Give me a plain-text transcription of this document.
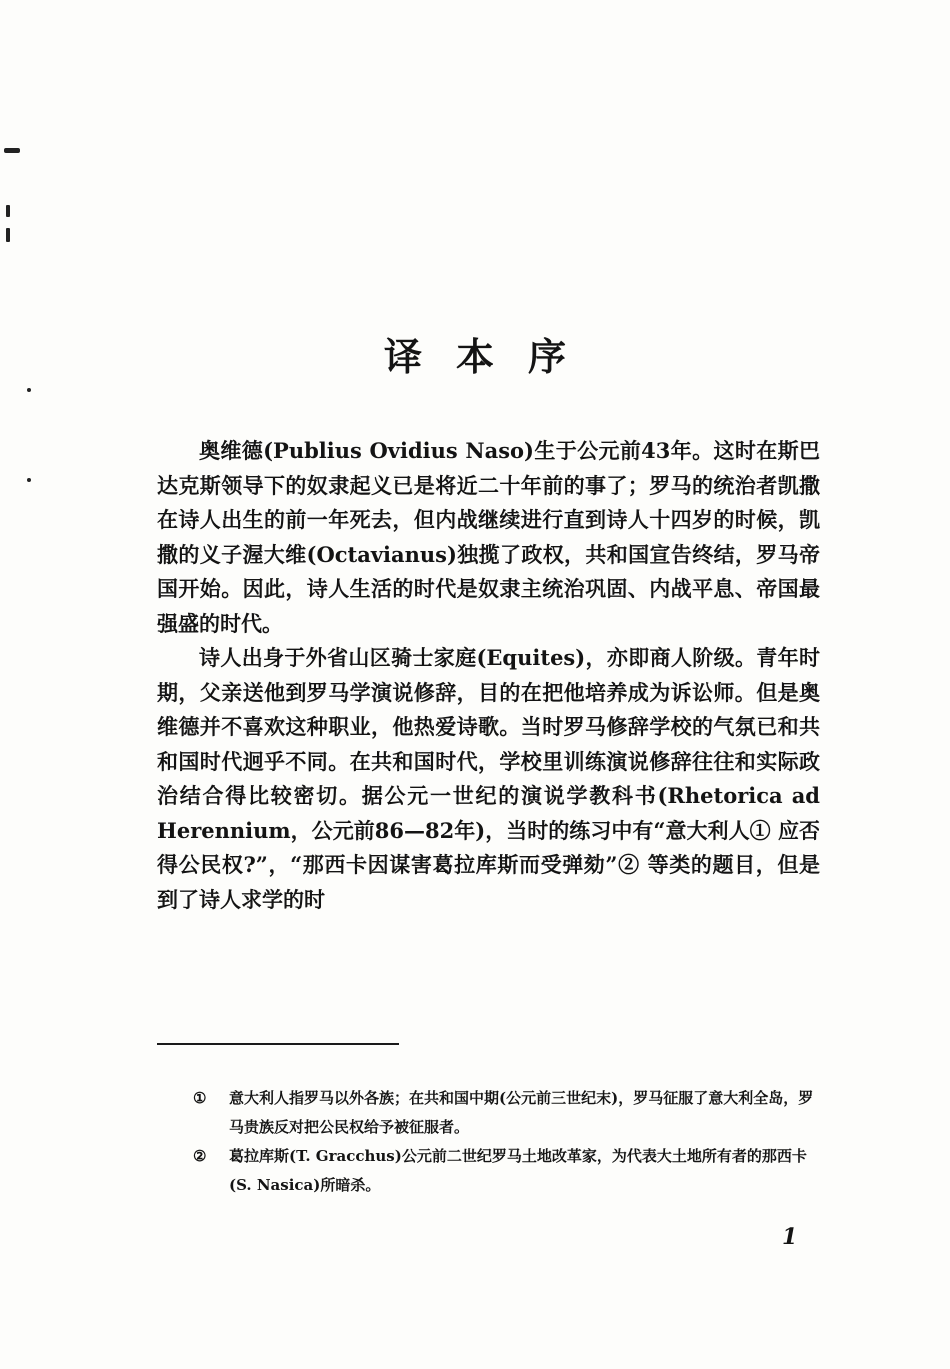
译本序

奥维德(Publius Ovidius Naso)生于公元前43年。这时在斯巴达克斯领导下的奴隶起义已是将近二十年前的事了；罗马的统治者凯撒在诗人出生的前一年死去，但内战继续进行直到诗人十四岁的时候，凯撒的义子渥大维(Octavianus)独揽了政权，共和国宣告终结，罗马帝国开始。因此，诗人生活的时代是奴隶主统治巩固、内战平息、帝国最强盛的时代。

诗人出身于外省山区骑士家庭(Equites)，亦即商人阶级。青年时期，父亲送他到罗马学演说修辞，目的在把他培养成为诉讼师。但是奥维德并不喜欢这种职业，他热爱诗歌。当时罗马修辞学校的气氛已和共和国时代迥乎不同。在共和国时代，学校里训练演说修辞往往和实际政治结合得比较密切。据公元一世纪的演说学教科书(Rhetorica ad Herennium，公元前86—82年)，当时的练习中有“意大利人① 应否得公民权?”，“那西卡因谋害葛拉库斯而受弹劾”② 等类的题目，但是到了诗人求学的时

①	意大利人指罗马以外各族；在共和国中期(公元前三世纪末)，罗马征服了意大利全岛，罗马贵族反对把公民权给予被征服者。
②	葛拉库斯(T. Gracchus)公元前二世纪罗马土地改革家，为代表大土地所有者的那西卡(S. Nasica)所暗杀。
1
